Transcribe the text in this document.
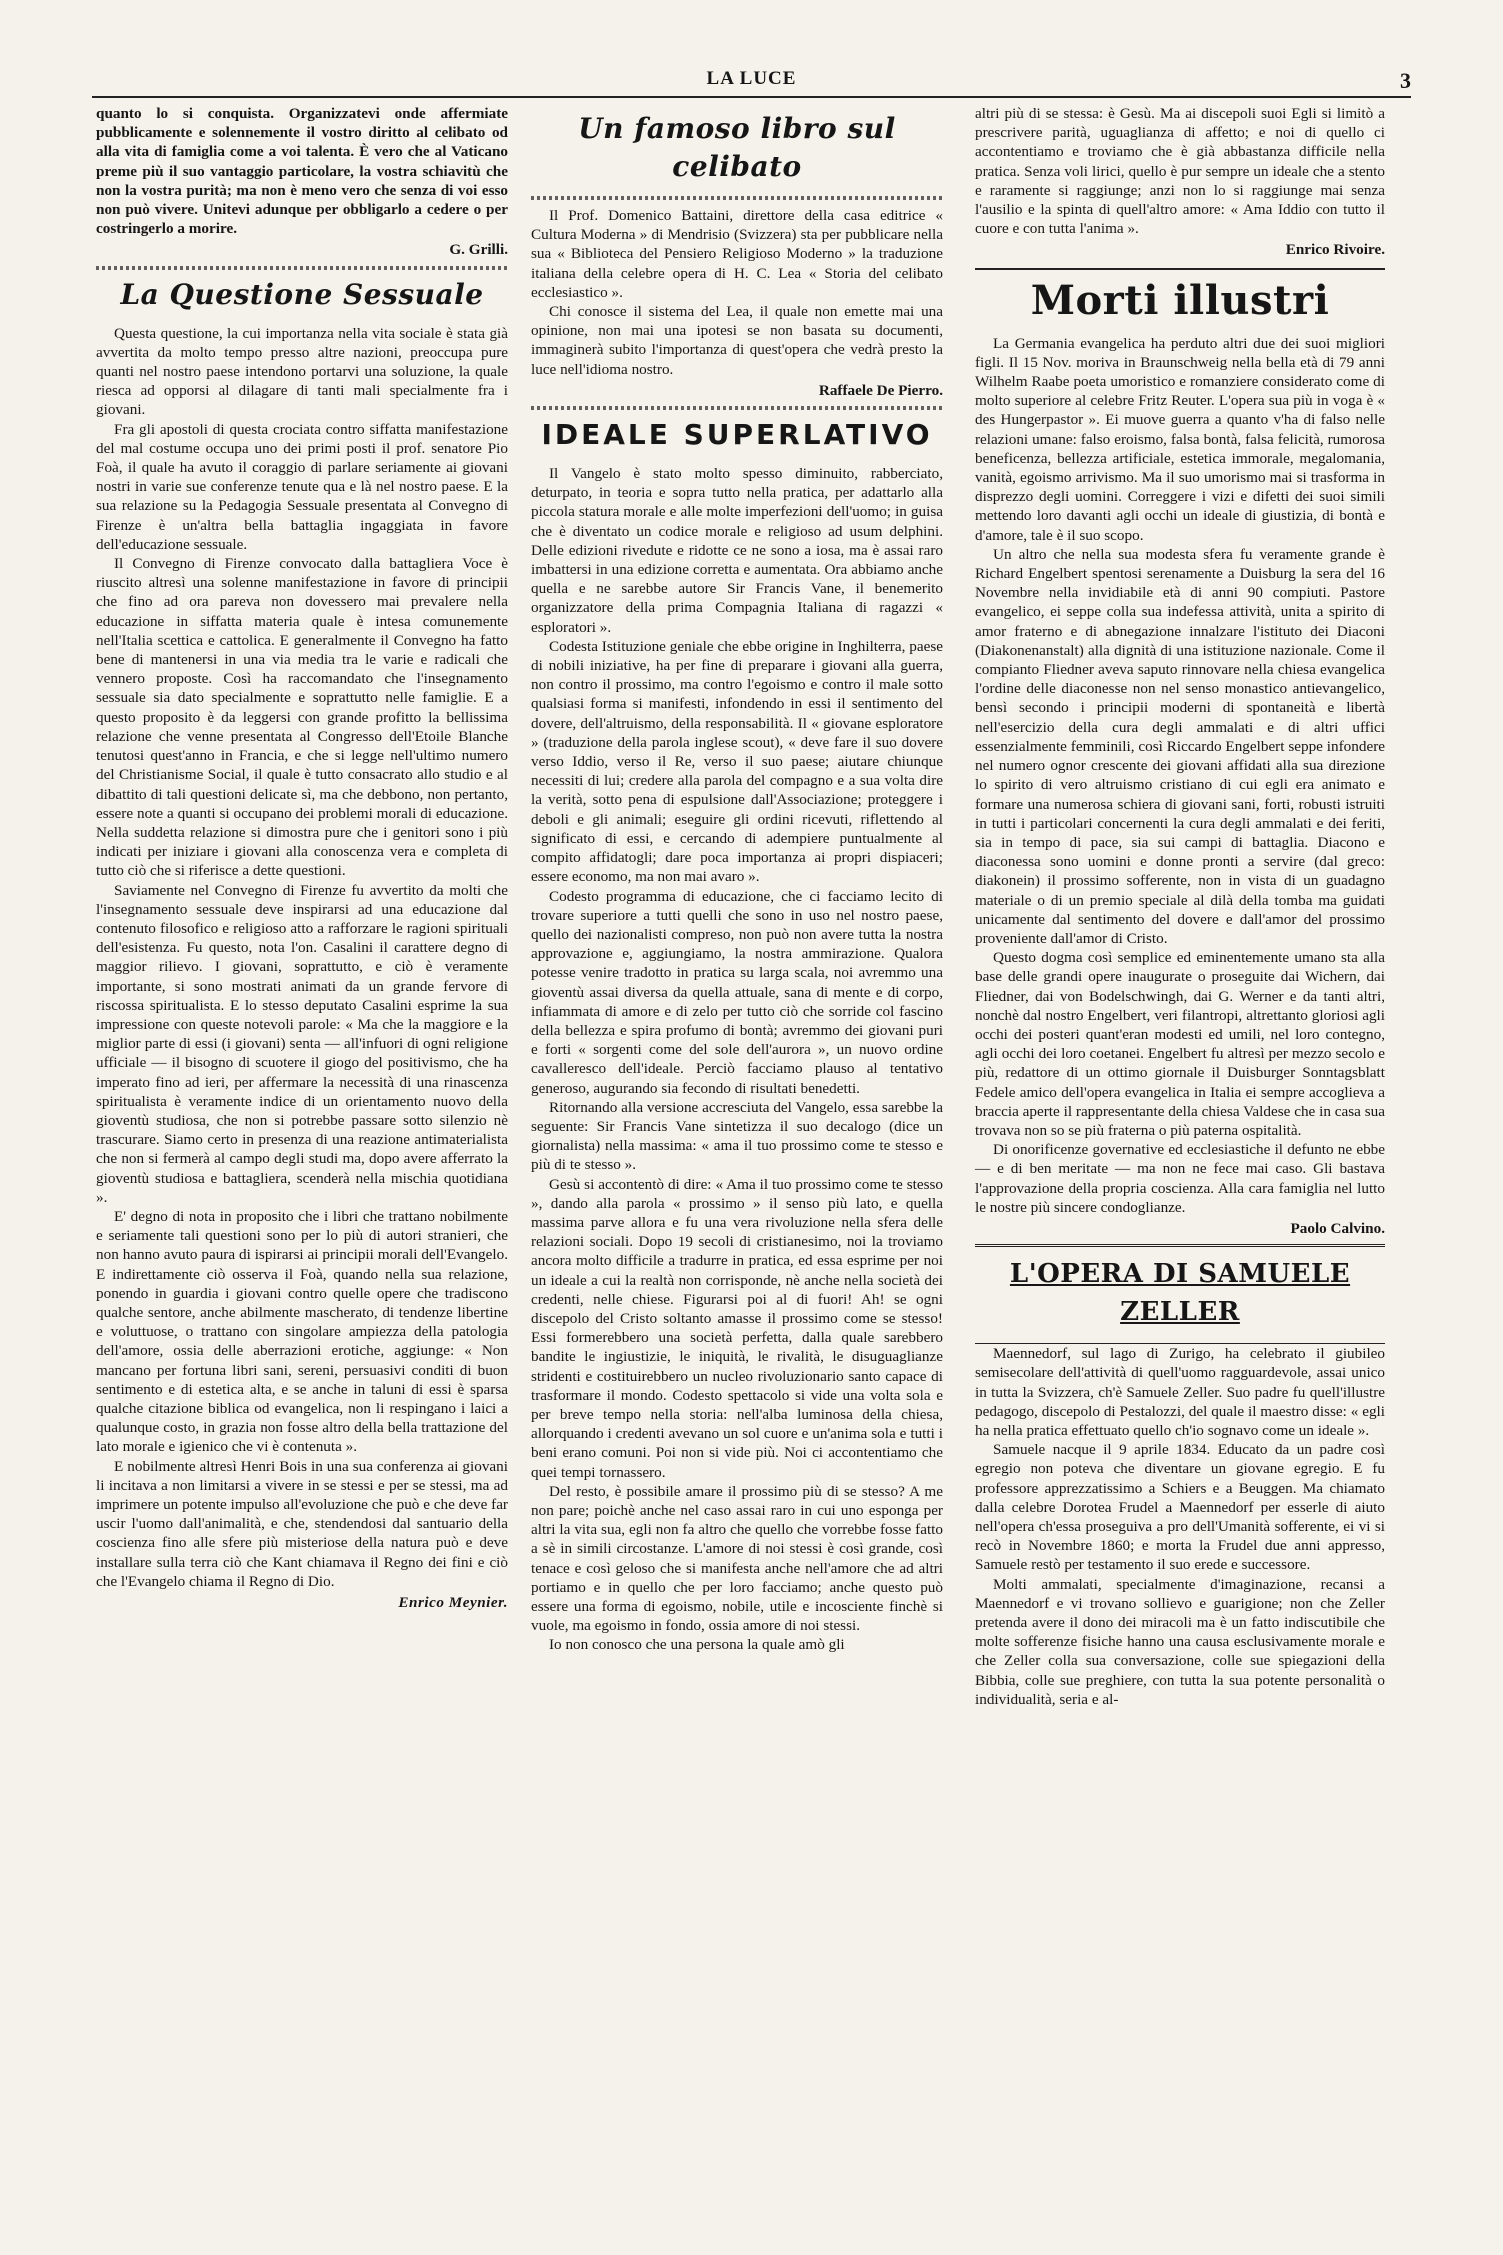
LA LUCE	3

quanto lo si conquista. Organizzatevi onde affermiate pubblicamente e solennemente il vostro diritto al celibato od alla vita di famiglia come a voi talenta. È vero che al Vaticano preme più il suo vantaggio particolare, la vostra schiavitù che non la vostra purità; ma non è meno vero che senza di voi esso non può vivere. Unitevi adunque per obbligarlo a cedere o per costringerlo a morire.

G. Grilli.
La Questione Sessuale

Questa questione, la cui importanza nella vita sociale è stata già avvertita da molto tempo presso altre nazioni, preoccupa pure quanti nel nostro paese intendono portarvi una soluzione, la quale riesca ad opporsi al dilagare di tanti mali specialmente fra i giovani.

Fra gli apostoli di questa crociata contro siffatta manifestazione del mal costume occupa uno dei primi posti il prof. senatore Pio Foà, il quale ha avuto il coraggio di parlare seriamente ai giovani nostri in varie sue conferenze tenute qua e là nel nostro paese. E la sua relazione su la Pedagogia Sessuale presentata al Convegno di Firenze è un'altra bella battaglia ingaggiata in favore dell'educazione sessuale.

Il Convegno di Firenze convocato dalla battagliera Voce è riuscito altresì una solenne manifestazione in favore di principii che fino ad ora pareva non dovessero mai prevalere nella educazione in siffatta materia quale è intesa comunemente nell'Italia scettica e cattolica. E generalmente il Convegno ha fatto bene di mantenersi in una via media tra le varie e radicali che vennero proposte. Così ha raccomandato che l'insegnamento sessuale sia dato specialmente e soprattutto nelle famiglie. E a questo proposito è da leggersi con grande profitto la bellissima relazione che venne presentata al Congresso dell'Etoile Blanche tenutosi quest'anno in Francia, e che si legge nell'ultimo numero del Christianisme Social, il quale è tutto consacrato allo studio e al dibattito di tali questioni delicate sì, ma che debbono, non pertanto, essere note a quanti si occupano dei problemi morali di educazione. Nella suddetta relazione si dimostra pure che i genitori sono i più indicati per iniziare i giovani alla conoscenza vera e completa di tutto ciò che si riferisce a dette questioni.

Saviamente nel Convegno di Firenze fu avvertito da molti che l'insegnamento sessuale deve inspirarsi ad una educazione dal contenuto filosofico e religioso atto a rafforzare le ragioni spirituali dell'esistenza. Fu questo, nota l'on. Casalini il carattere degno di maggior rilievo. I giovani, soprattutto, e ciò è veramente importante, si sono mostrati animati da un grande fervore di riscossa spiritualista. E lo stesso deputato Casalini esprime la sua impressione con queste notevoli parole: « Ma che la maggiore e la miglior parte di essi (i giovani) senta — all'infuori di ogni religione ufficiale — il bisogno di scuotere il giogo del positivismo, che ha imperato fino ad ieri, per affermare la necessità di una rinascenza spiritualista è veramente indice di un orientamento nuovo della gioventù studiosa, che non si potrebbe passare sotto silenzio nè trascurare. Siamo certo in presenza di una reazione antimaterialista che non si fermerà al campo degli studi ma, dopo avere afferrato la gioventù studiosa e battagliera, scenderà nella mischia quotidiana ».

E' degno di nota in proposito che i libri che trattano nobilmente e seriamente tali questioni sono per lo più di autori stranieri, che non hanno avuto paura di ispirarsi ai principii morali dell'Evangelo. E indirettamente ciò osserva il Foà, quando nella sua relazione, ponendo in guardia i giovani contro quelle opere che tradiscono qualche sentore, anche abilmente mascherato, di tendenze libertine e voluttuose, o trattano con singolare ampiezza della patologia dell'amore, ossia delle aberrazioni erotiche, aggiunge: « Non mancano per fortuna libri sani, sereni, persuasivi conditi di buon sentimento e di estetica alta, e se anche in taluni di essi è sparsa qualche citazione biblica od evangelica, non li respingano i laici a qualunque costo, in grazia non fosse altro della bella trattazione del lato morale e igienico che vi è contenuta ».

E nobilmente altresì Henri Bois in una sua conferenza ai giovani li incitava a non limitarsi a vivere in se stessi e per se stessi, ma ad imprimere un potente impulso all'evoluzione che può e che deve far uscir l'uomo dall'animalità, e che, stendendosi dal santuario della coscienza fino alle sfere più misteriose della natura può e deve installare sulla terra ciò che Kant chiamava il Regno dei fini e ciò che l'Evangelo chiama il Regno di Dio.

Enrico Meynier.
Un famoso libro sul celibato

Il Prof. Domenico Battaini, direttore della casa editrice « Cultura Moderna » di Mendrisio (Svizzera) sta per pubblicare nella sua « Biblioteca del Pensiero Religioso Moderno » la traduzione italiana della celebre opera di H. C. Lea « Storia del celibato ecclesiastico ».

Chi conosce il sistema del Lea, il quale non emette mai una opinione, non mai una ipotesi se non basata su documenti, immaginerà subito l'importanza di quest'opera che vedrà presto la luce nell'idioma nostro.

Raffaele De Pierro.
IDEALE SUPERLATIVO

Il Vangelo è stato molto spesso diminuito, rabberciato, deturpato, in teoria e sopra tutto nella pratica, per adattarlo alla piccola statura morale e alle molte imperfezioni dell'uomo; in guisa che è diventato un codice morale e religioso ad usum delphini. Delle edizioni rivedute e ridotte ce ne sono a iosa, ma è assai raro imbattersi in una edizione corretta e aumentata. Ora abbiamo anche quella e ne sarebbe autore Sir Francis Vane, il benemerito organizzatore della prima Compagnia Italiana di ragazzi « esploratori ».

Codesta Istituzione geniale che ebbe origine in Inghilterra, paese di nobili iniziative, ha per fine di preparare i giovani alla guerra, non contro il prossimo, ma contro l'egoismo e contro il male sotto qualsiasi forma si manifesti, infondendo in essi il sentimento del dovere, dell'altruismo, della responsabilità. Il « giovane esploratore » (traduzione della parola inglese scout), « deve fare il suo dovere verso Iddio, verso il Re, verso il suo paese; aiutare chiunque necessiti di lui; credere alla parola del compagno e a sua volta dire la verità, sotto pena di espulsione dall'Associazione; proteggere i deboli e gli animali; eseguire gli ordini ricevuti, riflettendo al significato di essi, e cercando di adempiere puntualmente al compito affidatogli; dare poca importanza ai propri dispiaceri; essere economo, ma non mai avaro ».

Codesto programma di educazione, che ci facciamo lecito di trovare superiore a tutti quelli che sono in uso nel nostro paese, quello dei nazionalisti compreso, non può non avere tutta la nostra approvazione e, aggiungiamo, la nostra ammirazione. Qualora potesse venire tradotto in pratica su larga scala, noi avremmo una gioventù assai diversa da quella attuale, sana di mente e di corpo, infiammata di amore e di zelo per tutto ciò che sorride col fascino della bellezza e spira profumo di bontà; avremmo dei giovani puri e forti « sorgenti come del sole dell'aurora », un nuovo ordine cavalleresco dell'ideale. Perciò facciamo plauso al tentativo generoso, augurando sia fecondo di risultati benedetti.

Ritornando alla versione accresciuta del Vangelo, essa sarebbe la seguente: Sir Francis Vane sintetizza il suo decalogo (dice un giornalista) nella massima: « ama il tuo prossimo come te stesso e più di te stesso ».

Gesù si accontentò di dire: « Ama il tuo prossimo come te stesso », dando alla parola « prossimo » il senso più lato, e quella massima parve allora e fu una vera rivoluzione nella sfera delle relazioni sociali. Dopo 19 secoli di cristianesimo, noi la troviamo ancora molto difficile a tradurre in pratica, ed essa esprime per noi un ideale a cui la realtà non corrisponde, nè anche nella società dei credenti, nelle chiese. Figurarsi poi al di fuori! Ah! se ogni discepolo del Cristo soltanto amasse il prossimo come se stesso! Essi formerebbero una società perfetta, dalla quale sarebbero bandite le ingiustizie, le iniquità, le rivalità, le disuguaglianze stridenti e costituirebbero un nucleo rivoluzionario santo capace di trasformare il mondo. Codesto spettacolo si vide una volta sola e per breve tempo nella storia: nell'alba luminosa della chiesa, allorquando i credenti avevano un sol cuore e un'anima sola e tutti i beni erano comuni. Poi non si vide più. Noi ci accontentiamo che quei tempi tornassero.

Del resto, è possibile amare il prossimo più di se stesso? A me non pare; poichè anche nel caso assai raro in cui uno esponga per altri la vita sua, egli non fa altro che quello che vorrebbe fosse fatto a sè in simili circostanze. L'amore di noi stessi è così grande, così tenace e così geloso che si manifesta anche nell'amore che ad altri portiamo e in quello che per loro facciamo; anche questo può essere una forma di egoismo, nobile, utile e incosciente finchè si vuole, ma egoismo in fondo, ossia amore di noi stessi.

Io non conosco che una persona la quale amò gli

altri più di se stessa: è Gesù. Ma ai discepoli suoi Egli si limitò a prescrivere parità, uguaglianza di affetto; e noi di quello ci accontentiamo e troviamo che è già abbastanza difficile nella pratica. Senza voli lirici, quello è pur sempre un ideale che a stento e raramente si raggiunge; anzi non lo si raggiunge mai senza l'ausilio e la spinta di quell'altro amore: « Ama Iddio con tutto il cuore e con tutta l'anima ».

Enrico Rivoire.
Morti illustri

La Germania evangelica ha perduto altri due dei suoi migliori figli. Il 15 Nov. moriva in Braunschweig nella bella età di 79 anni Wilhelm Raabe poeta umoristico e romanziere considerato come di molto superiore al celebre Fritz Reuter. L'opera sua più in voga è « des Hungerpastor ». Ei muove guerra a quanto v'ha di falso nelle relazioni umane: falso eroismo, falsa bontà, falsa felicità, rumorosa beneficenza, bellezza artificiale, estetica immorale, megalomania, vanità, egoismo arrivismo. Ma il suo umorismo mai si trasforma in disprezzo degli uomini. Correggere i vizi e difetti dei suoi simili mettendo loro davanti agli occhi un ideale di giustizia, di bontà e d'amore, tale è il suo scopo.

Un altro che nella sua modesta sfera fu veramente grande è Richard Engelbert spentosi serenamente a Duisburg la sera del 16 Novembre nella invidiabile età di anni 90 compiuti. Pastore evangelico, ei seppe colla sua indefessa attività, unita a spirito di amor fraterno e di abnegazione innalzare l'istituto dei Diaconi (Diakonenanstalt) alla dignità di una istituzione nazionale. Come il compianto Fliedner aveva saputo rinnovare nella chiesa evangelica l'ordine delle diaconesse non nel senso monastico antievangelico, bensì secondo i principii moderni di spontaneità e libertà nell'esercizio della cura degli ammalati e di altri uffici essenzialmente femminili, così Riccardo Engelbert seppe infondere nel numero ognor crescente dei giovani affidati alla sua direzione lo spirito di vero altruismo cristiano di cui egli era animato e formare una numerosa schiera di giovani sani, forti, robusti istruiti in tutti i particolari concernenti la cura degli ammalati e dei feriti, sia in tempo di pace, sia sui campi di battaglia. Diacono e diaconessa sono uomini e donne pronti a servire (dal greco: diakonein) il prossimo sofferente, non in vista di un guadagno materiale o di un premio speciale al dilà della tomba ma guidati unicamente dal sentimento del dovere e dall'amor del prossimo proveniente dall'amor di Cristo.

Questo dogma così semplice ed eminentemente umano sta alla base delle grandi opere inaugurate o proseguite dai Wichern, dai Fliedner, dai von Bodelschwingh, dai G. Werner e da tanti altri, nonchè dal nostro Engelbert, veri filantropi, altrettanto gloriosi agli occhi dei posteri quant'eran modesti ed umili, nel loro contegno, agli occhi dei loro coetanei. Engelbert fu altresì per mezzo secolo e più, redattore di un ottimo giornale il Duisburger Sonntagsblatt Fedele amico dell'opera evangelica in Italia ei sempre accoglieva a braccia aperte il rappresentante della chiesa Valdese che in casa sua trovava non so se più fraterna o più paterna ospitalità.

Di onorificenze governative ed ecclesiastiche il defunto ne ebbe — e di ben meritate — ma non ne fece mai caso. Gli bastava l'approvazione della propria coscienza. Alla cara famiglia nel lutto le nostre più sincere condoglianze.

Paolo Calvino.
L'OPERA DI SAMUELE ZELLER

Maennedorf, sul lago di Zurigo, ha celebrato il giubileo semisecolare dell'attività di quell'uomo ragguardevole, assai unico in tutta la Svizzera, ch'è Samuele Zeller. Suo padre fu quell'illustre pedagogo, discepolo di Pestalozzi, del quale il maestro disse: « egli ha nella pratica effettuato quello ch'io sognavo come un ideale ».

Samuele nacque il 9 aprile 1834. Educato da un padre così egregio non poteva che diventare un giovane egregio. E fu professore apprezzatissimo a Schiers e a Beuggen. Ma chiamato dalla celebre Dorotea Frudel a Maennedorf per esserle di aiuto nell'opera ch'essa proseguiva a pro dell'Umanità sofferente, ei vi si recò in Novembre 1860; e morta la Frudel due anni appresso, Samuele restò per testamento il suo erede e successore.

Molti ammalati, specialmente d'imaginazione, recansi a Maennedorf e vi trovano sollievo e guarigione; non che Zeller pretenda avere il dono dei miracoli ma è un fatto indiscutibile che molte sofferenze fisiche hanno una causa esclusivamente morale e che Zeller colla sua conversazione, colle sue spiegazioni della Bibbia, colle sue preghiere, con tutta la sua potente personalità o individualità, seria e al-
